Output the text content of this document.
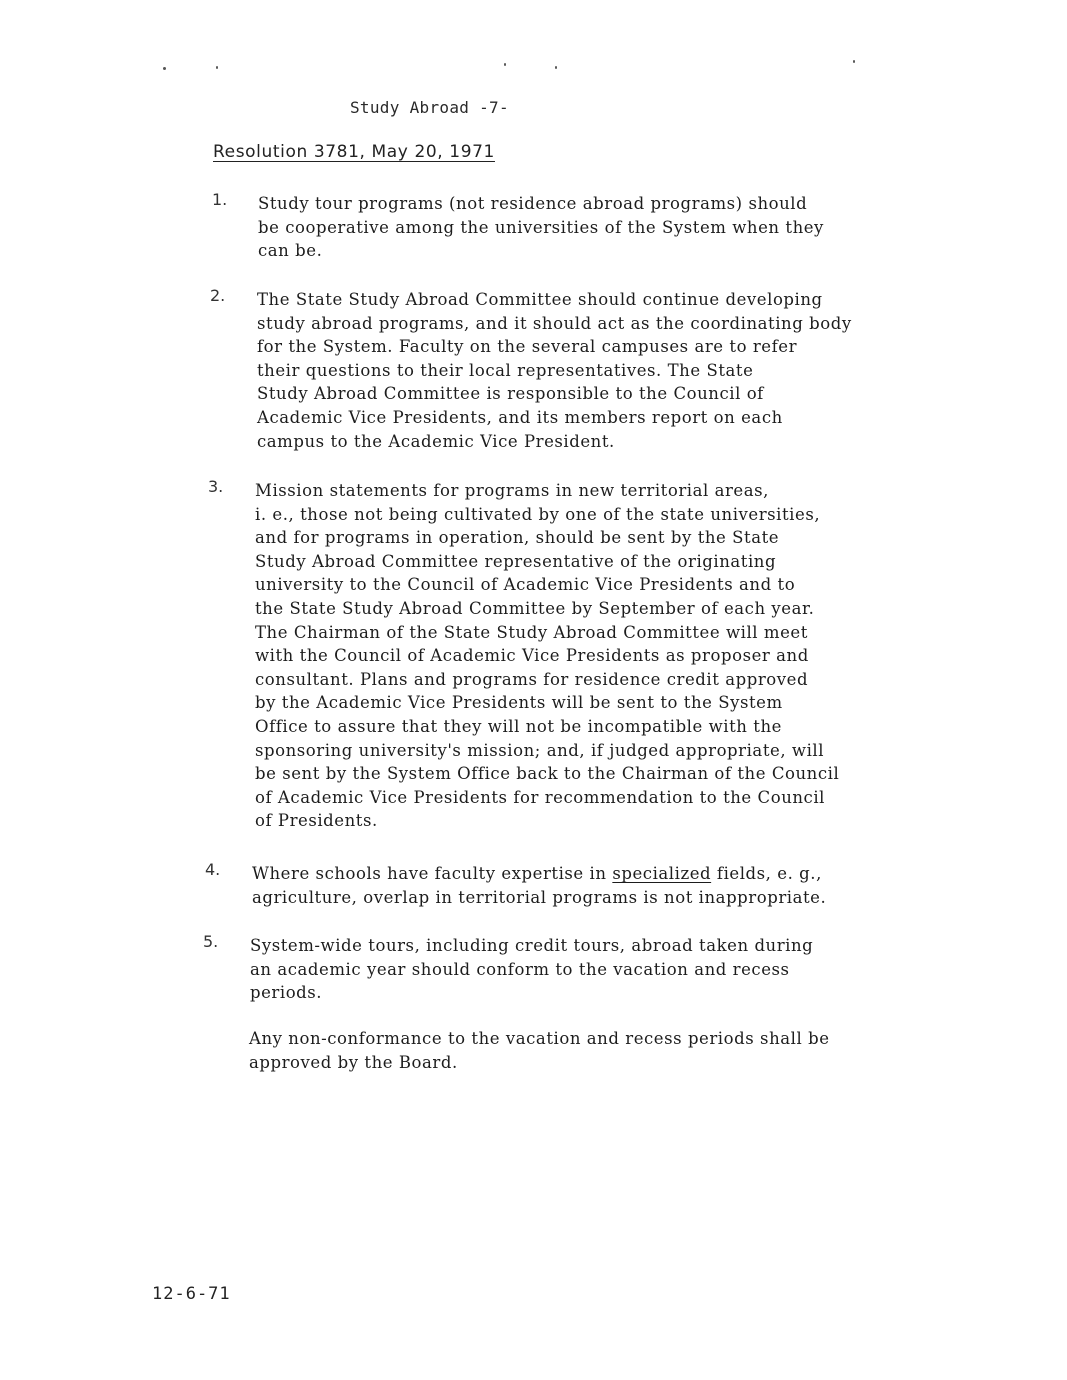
Study Abroad -7-
Resolution 3781, May 20, 1971
1. Study tour programs (not residence abroad programs) should
be cooperative among the universities of the System when they
can be.

2. The State Study Abroad Committee should continue developing
study abroad programs, and it should act as the coordinating body
for the System. Faculty on the several campuses are to refer
their questions to their local representatives. The State
Study Abroad Committee is responsible to the Council of
Academic Vice Presidents, and its members report on each
campus to the Academic Vice President.

3. Mission statements for programs in new territorial areas,
i. e., those not being cultivated by one of the state universities,
and for programs in operation, should be sent by the State
Study Abroad Committee representative of the originating
university to the Council of Academic Vice Presidents and to
the State Study Abroad Committee by September of each year.
The Chairman of the State Study Abroad Committee will meet
with the Council of Academic Vice Presidents as proposer and
consultant. Plans and programs for residence credit approved
by the Academic Vice Presidents will be sent to the System
Office to assure that they will not be incompatible with the
sponsoring university's mission; and, if judged appropriate, will
be sent by the System Office back to the Chairman of the Council
of Academic Vice Presidents for recommendation to the Council
of Presidents.

4. Where schools have faculty expertise in specialized fields, e. g.,
agriculture, overlap in territorial programs is not inappropriate.

5. System-wide tours, including credit tours, abroad taken during
an academic year should conform to the vacation and recess
periods.

Any non-conformance to the vacation and recess periods shall be
approved by the Board.

12-6-71
